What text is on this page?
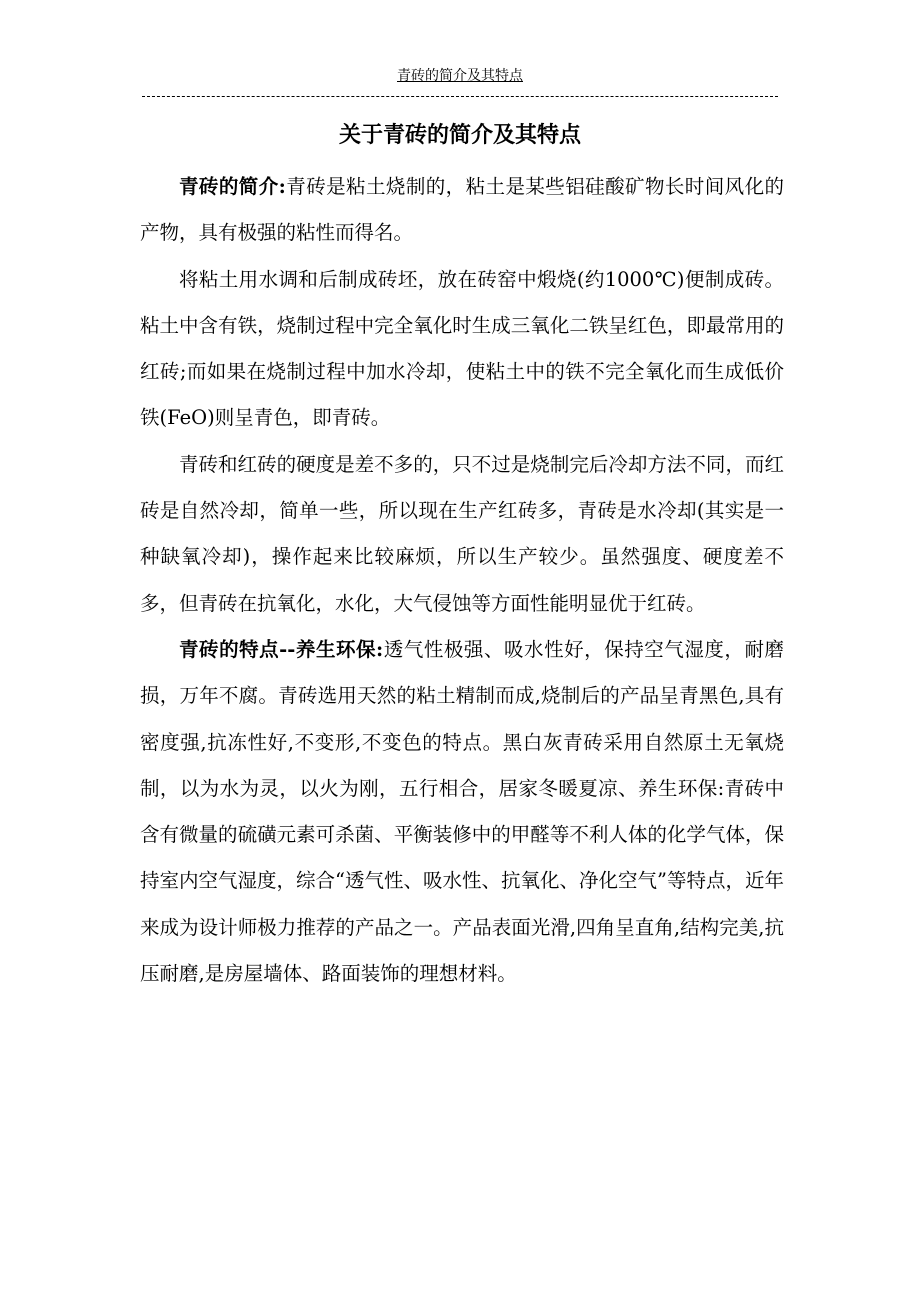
青砖的简介及其特点
关于青砖的简介及其特点

青砖的简介:青砖是粘土烧制的，粘土是某些铝硅酸矿物长时间风化的产物，具有极强的粘性而得名。

将粘土用水调和后制成砖坯，放在砖窑中煅烧(约1000℃)便制成砖。粘土中含有铁，烧制过程中完全氧化时生成三氧化二铁呈红色，即最常用的红砖;而如果在烧制过程中加水冷却，使粘土中的铁不完全氧化而生成低价铁(FeO)则呈青色，即青砖。

青砖和红砖的硬度是差不多的，只不过是烧制完后冷却方法不同，而红砖是自然冷却，简单一些，所以现在生产红砖多，青砖是水冷却(其实是一种缺氧冷却)，操作起来比较麻烦，所以生产较少。虽然强度、硬度差不多，但青砖在抗氧化，水化，大气侵蚀等方面性能明显优于红砖。

青砖的特点--养生环保:透气性极强、吸水性好，保持空气湿度，耐磨损，万年不腐。青砖选用天然的粘土精制而成,烧制后的产品呈青黑色,具有密度强,抗冻性好,不变形,不变色的特点。黑白灰青砖采用自然原土无氧烧制，以为水为灵，以火为刚，五行相合，居家冬暖夏凉、养生环保:青砖中含有微量的硫磺元素可杀菌、平衡装修中的甲醛等不利人体的化学气体，保持室内空气湿度，综合“透气性、吸水性、抗氧化、净化空气”等特点，近年来成为设计师极力推荐的产品之一。产品表面光滑,四角呈直角,结构完美,抗压耐磨,是房屋墙体、路面装饰的理想材料。
